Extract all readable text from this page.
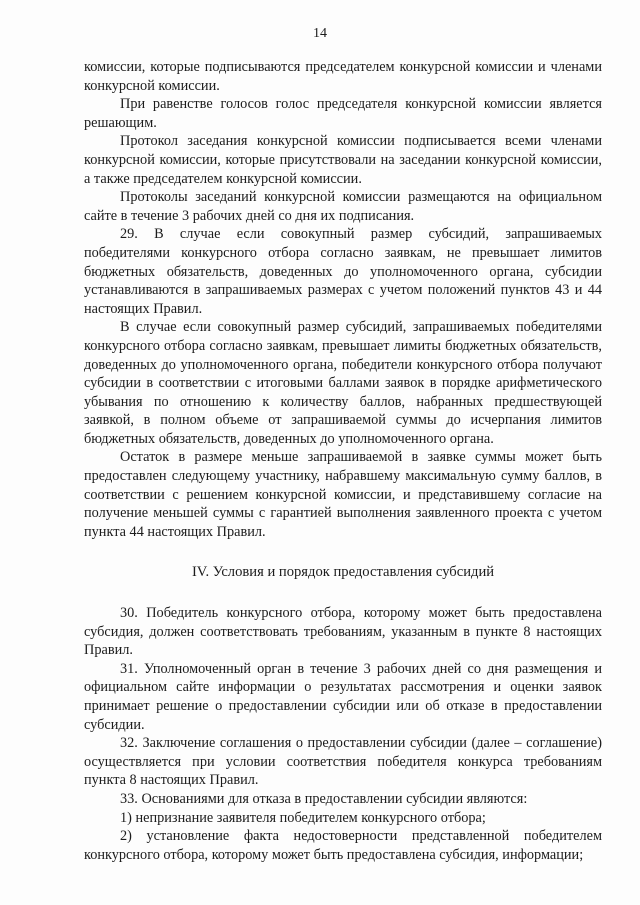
14

комиссии, которые подписываются председателем конкурсной комиссии и членами конкурсной комиссии.

При равенстве голосов голос председателя конкурсной комиссии является решающим.

Протокол заседания конкурсной комиссии подписывается всеми членами конкурсной комиссии, которые присутствовали на заседании конкурсной комиссии, а также председателем конкурсной комиссии.

Протоколы заседаний конкурсной комиссии размещаются на официальном сайте в течение 3 рабочих дней со дня их подписания.

29. В случае если совокупный размер субсидий, запрашиваемых победителями конкурсного отбора согласно заявкам, не превышает лимитов бюджетных обязательств, доведенных до уполномоченного органа, субсидии устанавливаются в запрашиваемых размерах с учетом положений пунктов 43 и 44 настоящих Правил.

В случае если совокупный размер субсидий, запрашиваемых победителями конкурсного отбора согласно заявкам, превышает лимиты бюджетных обязательств, доведенных до уполномоченного органа, победители конкурсного отбора получают субсидии в соответствии с итоговыми баллами заявок в порядке арифметического убывания по отношению к количеству баллов, набранных предшествующей заявкой, в полном объеме от запрашиваемой суммы до исчерпания лимитов бюджетных обязательств, доведенных до уполномоченного органа.

Остаток в размере меньше запрашиваемой в заявке суммы может быть предоставлен следующему участнику, набравшему максимальную сумму баллов, в соответствии с решением конкурсной комиссии, и представившему согласие на получение меньшей суммы с гарантией выполнения заявленного проекта с учетом пункта 44 настоящих Правил.

IV. Условия и порядок предоставления субсидий

30. Победитель конкурсного отбора, которому может быть предоставлена субсидия, должен соответствовать требованиям, указанным в пункте 8 настоящих Правил.

31. Уполномоченный орган в течение 3 рабочих дней со дня размещения и официальном сайте информации о результатах рассмотрения и оценки заявок принимает решение о предоставлении субсидии или об отказе в предоставлении субсидии.

32. Заключение соглашения о предоставлении субсидии (далее – соглашение) осуществляется при условии соответствия победителя конкурса требованиям пункта 8 настоящих Правил.

33. Основаниями для отказа в предоставлении субсидии являются:

1) непризнание заявителя победителем конкурсного отбора;

2) установление факта недостоверности представленной победителем конкурсного отбора, которому может быть предоставлена субсидия, информации;
